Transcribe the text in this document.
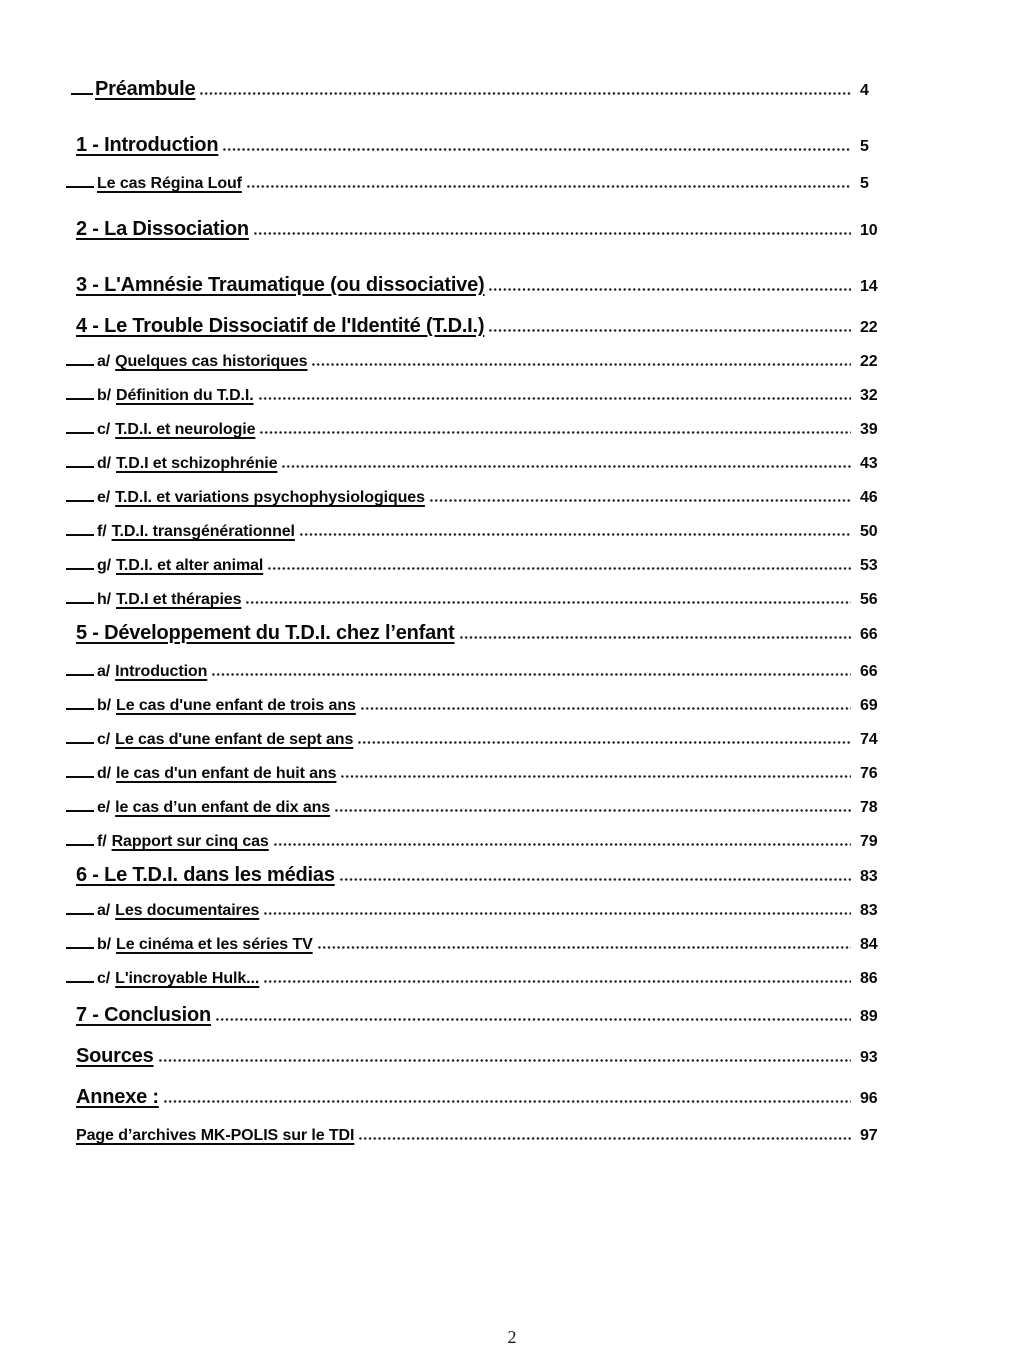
Préambule	4
1 - Introduction	5
Le cas Régina Louf	5
2 - La Dissociation	10
3 - L'Amnésie Traumatique (ou dissociative)	14
4 - Le Trouble Dissociatif de l'Identité (T.D.I.)	22
a/ Quelques cas historiques	22
b/ Définition du T.D.I.	32
c/ T.D.I. et neurologie	39
d/ T.D.I et schizophrénie	43
e/ T.D.I. et variations psychophysiologiques	46
f/ T.D.I. transgénérationnel	50
g/ T.D.I. et alter animal	53
h/ T.D.I et thérapies	56
5 - Développement du T.D.I. chez l’enfant	66
a/ Introduction	66
b/ Le cas d'une enfant de trois ans	69
c/ Le cas d'une enfant de sept ans	74
d/ le cas d'un enfant de huit ans	76
e/ le cas d’un enfant de dix ans	78
f/ Rapport sur cinq cas	79
6 - Le T.D.I. dans les médias	83
a/ Les documentaires	83
b/ Le cinéma et les séries TV	84
c/ L'incroyable Hulk...	86
7 - Conclusion	89
Sources	93
Annexe :	96
Page d’archives MK-POLIS sur le TDI	97
2
